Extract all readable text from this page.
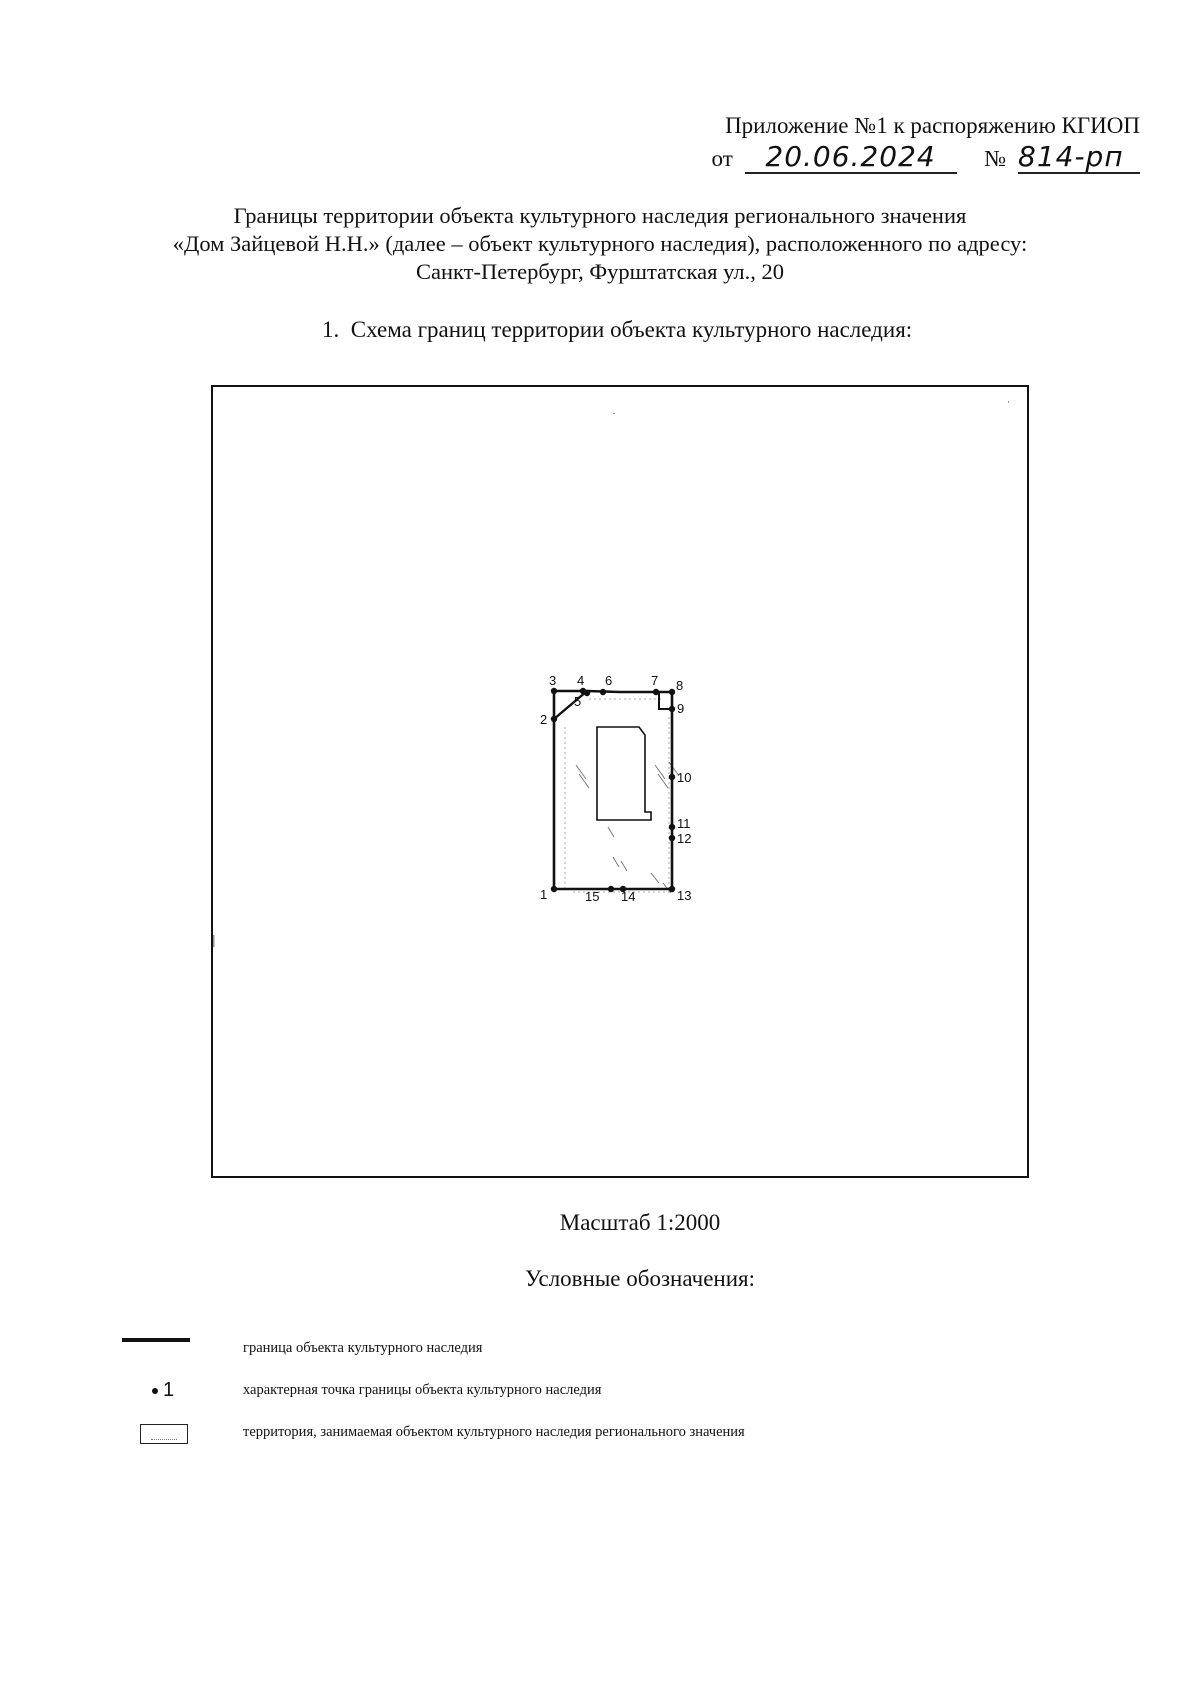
Приложение №1 к распоряжению КГИОП
от 20.06.2024 № 814-рп
Границы территории объекта культурного наследия регионального значения
«Дом Зайцевой Н.Н.» (далее – объект культурного наследия), расположенного по адресу:
Санкт-Петербург, Фурштатская ул., 20
1.  Схема границ территории объекта культурного наследия:
1
2
3 4
5
6	7 8
9
10
11
12
13
14
15
Масштаб 1:2000
Условные обозначения:
граница объекта культурного наследия
1	характерная точка границы объекта культурного наследия
территория, занимаемая объектом культурного наследия регионального значения
